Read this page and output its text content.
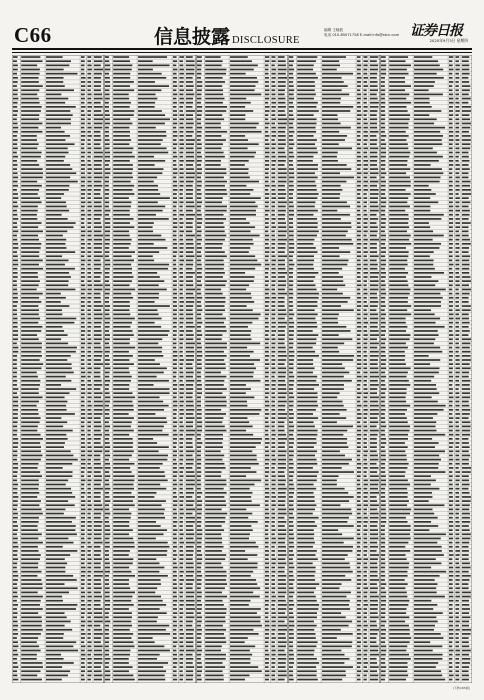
C66	信息披露 DISCLOSURE
编辑 王晓波
电话 010-85071758 E-mail:info@stcn.com 证券日报
2020年9月3日 星期四
(下转C65版)
